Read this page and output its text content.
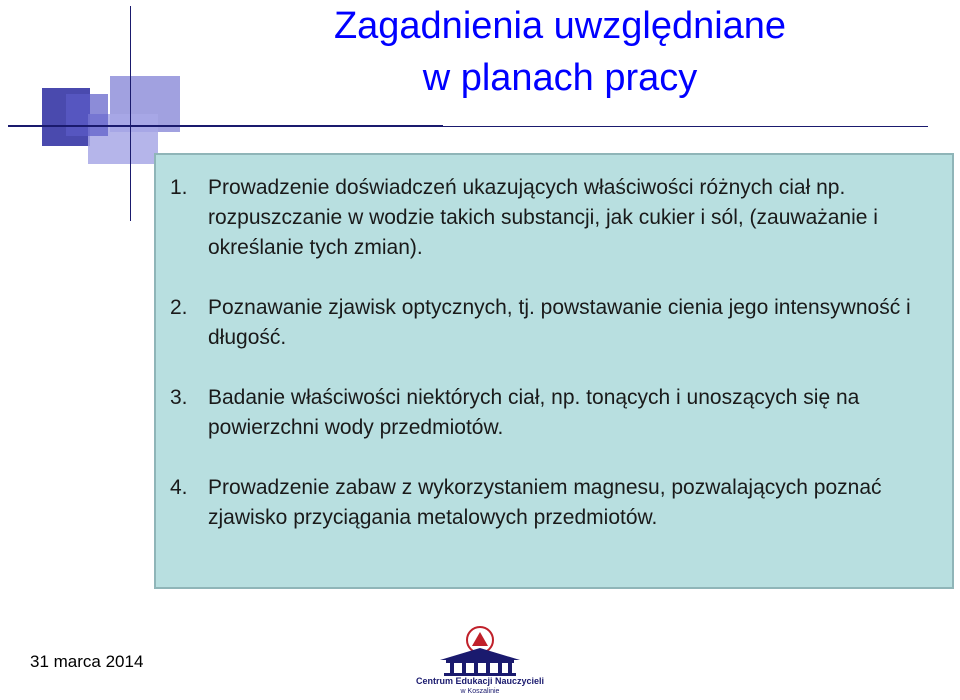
Zagadnienia uwzględniane
w planach pracy
1. Prowadzenie doświadczeń ukazujących właściwości różnych ciał np. rozpuszczanie w wodzie takich substancji, jak cukier i sól, (zauważanie i określanie tych zmian).
2. Poznawanie zjawisk optycznych, tj. powstawanie cienia jego intensywność i długość.
3. Badanie właściwości niektórych ciał, np. tonących i unoszących się na powierzchni wody przedmiotów.
4. Prowadzenie zabaw z wykorzystaniem magnesu, pozwalających poznać zjawisko przyciągania metalowych przedmiotów.
31 marca 2014
Centrum Edukacji Nauczycieli
w Koszalinie
